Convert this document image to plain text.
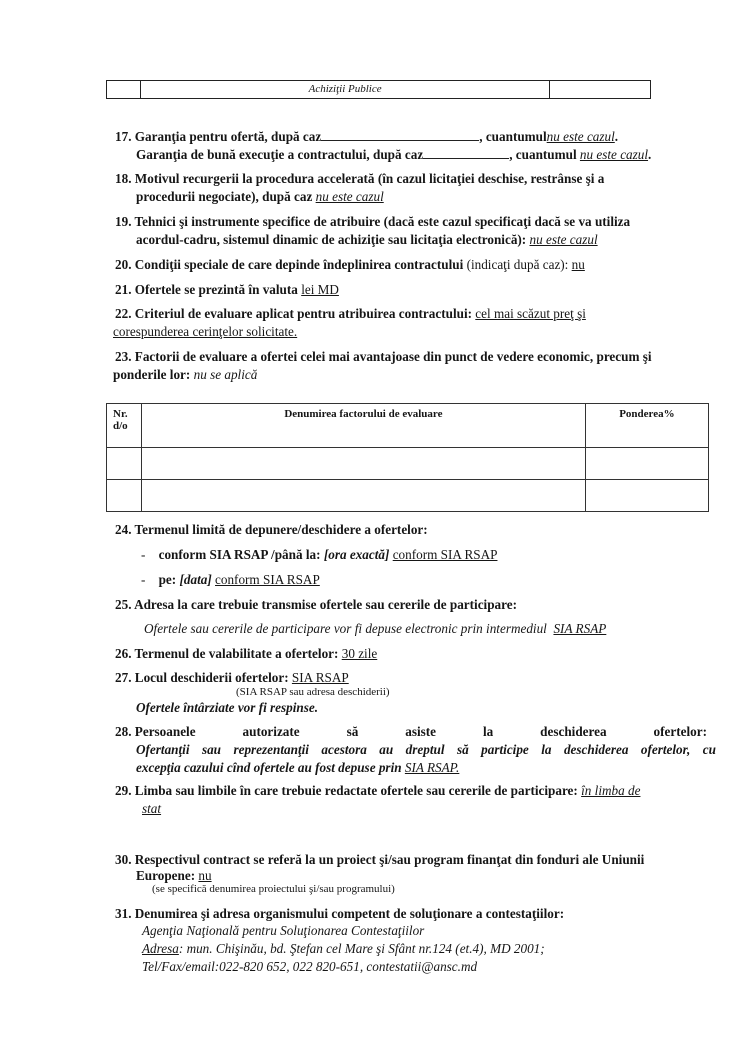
	Achiziţii Publice	
17. Garanţia pentru ofertă, după caz	, cuantumulnu este cazul.
Garanţia de bună execuţie a contractului, după caz	, cuantumul nu este cazul.
18. Motivul recurgerii la procedura accelerată (în cazul licitaţiei deschise, restrânse şi a
procedurii negociate), după caz nu este cazul
19. Tehnici şi instrumente specifice de atribuire (dacă este cazul specificaţi dacă se va utiliza
acordul-cadru, sistemul dinamic de achiziţie sau licitaţia electronică): nu este cazul
20. Condiţii speciale de care depinde îndeplinirea contractului (indicaţi după caz): nu
21. Ofertele se prezintă în valuta lei MD
22. Criteriul de evaluare aplicat pentru atribuirea contractului: cel mai scăzut preţ şi
corespunderea cerinţelor solicitate.
23. Factorii de evaluare a ofertei celei mai avantajoase din punct de vedere economic, precum şi
ponderile lor: nu se aplică
Nr. d/o	Denumirea factorului de evaluare	Ponderea%

24. Termenul limită de depunere/deschidere a ofertelor:
- conform SIA RSAP /până la: [ora exactă] conform SIA RSAP
- pe: [data] conform SIA RSAP
25. Adresa la care trebuie transmise ofertele sau cererile de participare:
Ofertele sau cererile de participare vor fi depuse electronic prin intermediul SIA RSAP
26. Termenul de valabilitate a ofertelor: 30 zile
27. Locul deschiderii ofertelor: SIA RSAP
(SIA RSAP sau adresa deschiderii)
Ofertele întârziate vor fi respinse.
28. Persoanele	autorizate	să	asiste	la	deschiderea	ofertelor:
Ofertanţii sau reprezentanţii acestora au dreptul să participe la deschiderea ofertelor, cu
excepţia cazului cînd ofertele au fost depuse prin SIA RSAP.
29. Limba sau limbile în care trebuie redactate ofertele sau cererile de participare: în limba de
stat
30. Respectivul contract se referă la un proiect şi/sau program finanţat din fonduri ale Uniunii
Europene: nu
(se specifică denumirea proiectului şi/sau programului)
31. Denumirea şi adresa organismului competent de soluţionare a contestaţiilor:
Agenţia Naţională pentru Soluţionarea Contestaţiilor
Adresa: mun. Chişinău, bd. Ştefan cel Mare şi Sfânt nr.124 (et.4), MD 2001;
Tel/Fax/email:022-820 652, 022 820-651, contestatii@ansc.md
